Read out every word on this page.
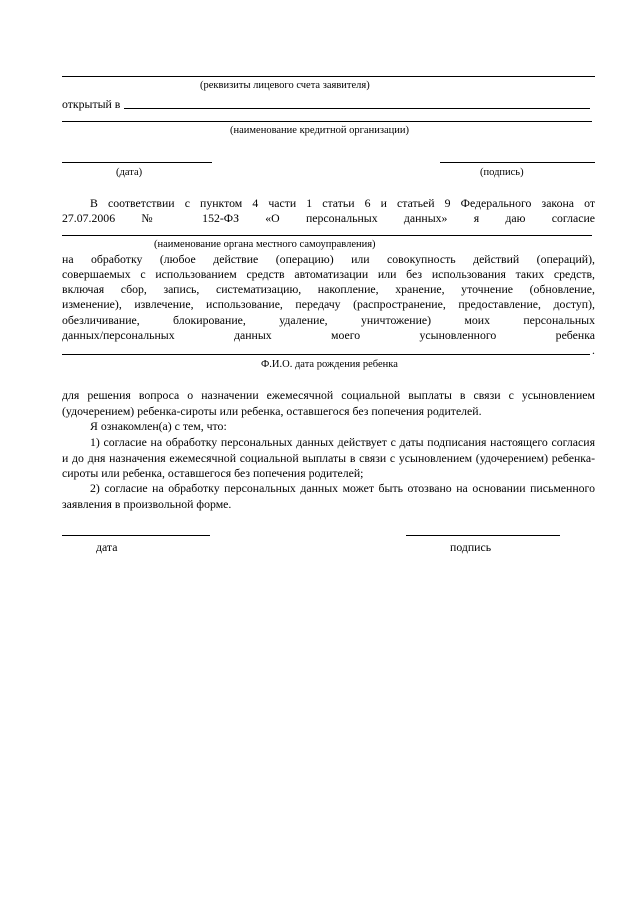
(реквизиты лицевого счета заявителя)
открытый в
(наименование кредитной организации)
(дата)	(подпись)
В соответствии с пунктом 4 части 1 статьи 6 и статьей 9 Федерального закона от
27.07.2006 № 152-ФЗ «О персональных данных» я даю согласие
(наименование органа местного самоуправления)
на обработку (любое действие (операцию) или совокупность действий (операций),
совершаемых с использованием средств автоматизации или без использования таких средств,
включая сбор, запись, систематизацию, накопление, хранение, уточнение (обновление,
изменение), извлечение, использование, передачу (распространение, предоставление, доступ),
обезличивание, блокирование, удаление, уничтожение) моих персональных
данных/персональных данных моего усыновленного ребенка
.
Ф.И.О. дата рождения ребенка
для решения вопроса о назначении ежемесячной социальной выплаты в связи с усыновлением (удочерением) ребенка-сироты или ребенка, оставшегося без попечения родителей.
Я ознакомлен(а) с тем, что:
1) согласие на обработку персональных данных действует с даты подписания настоящего согласия и до дня назначения ежемесячной социальной выплаты в связи с усыновлением (удочерением) ребенка-сироты или ребенка, оставшегося без попечения родителей;
2) согласие на обработку персональных данных может быть отозвано на основании письменного заявления в произвольной форме.
дата	подпись
